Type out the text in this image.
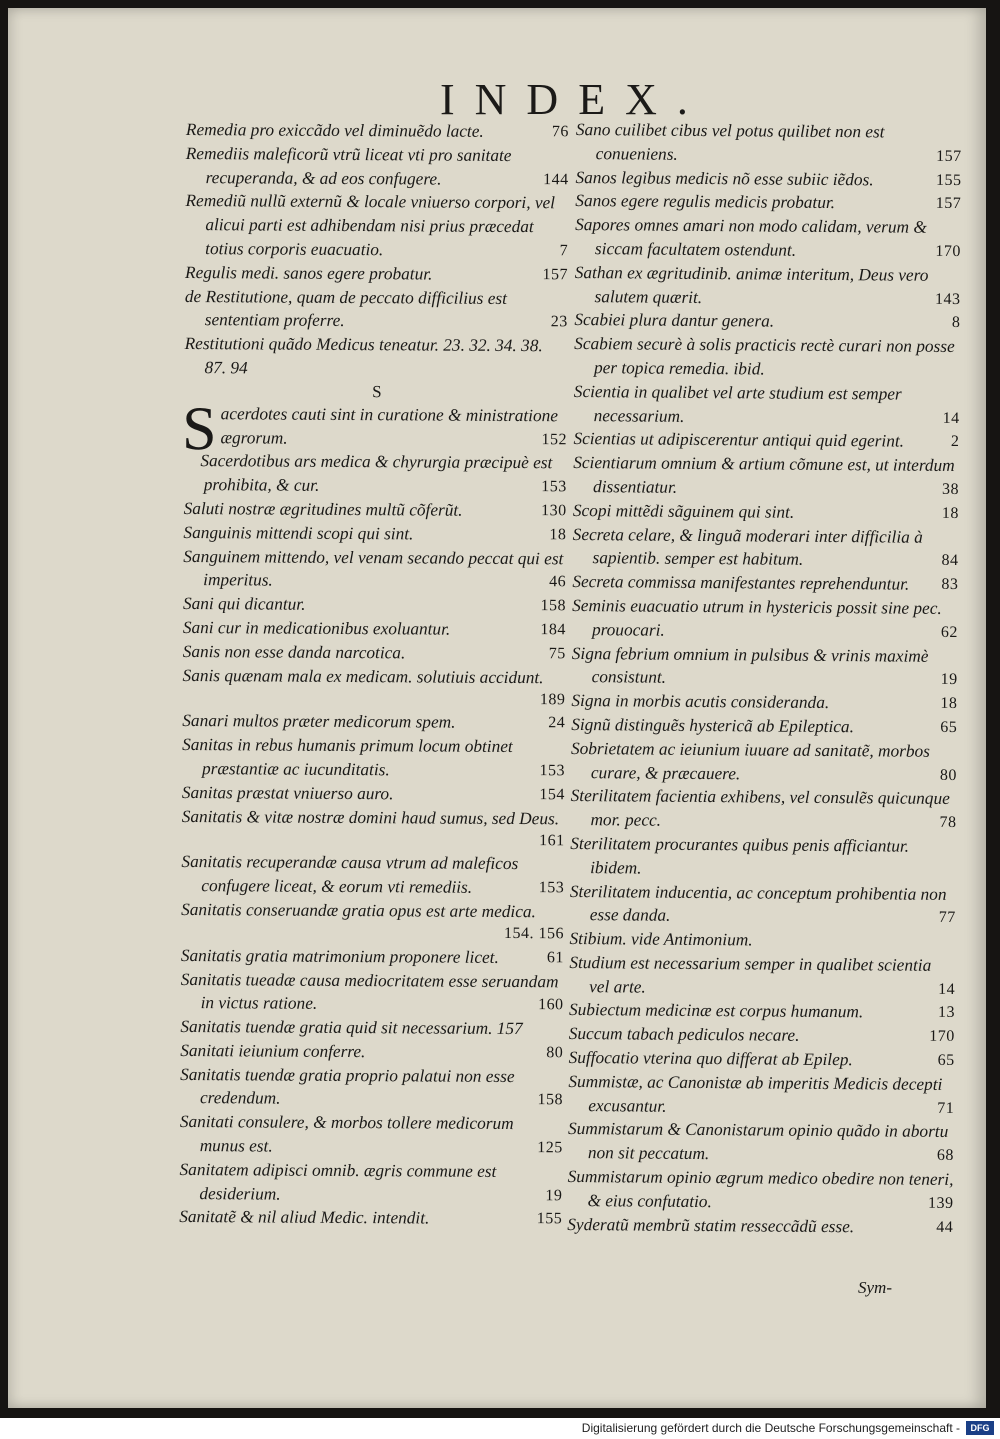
INDEX.

Remedia pro exiccãdo vel diminuẽdo lacte.	76

Remediis maleficorũ vtrũ liceat vti pro sanitate recuperanda, & ad eos confugere.	144

Remediũ nullũ externũ & locale vniuerso corpori, vel alicui parti est adhibendam nisi prius præcedat totius corporis euacuatio.	7

Regulis medi. sanos egere probatur.	157

de Restitutione, quam de peccato difficilius est sententiam proferre.	23

Restitutioni quãdo Medicus teneatur. 23. 32. 34. 38. 87. 94

S

Sacerdotes cauti sint in curatione & ministratione ægrorum.	152

Sacerdotibus ars medica & chyrurgia præcipuè est prohibita, & cur.	153

Saluti nostræ ægritudines multũ cõferũt.	130

Sanguinis mittendi scopi qui sint.	18

Sanguinem mittendo, vel venam secando peccat qui est imperitus.	46

Sani qui dicantur.	158

Sani cur in medicationibus exoluantur.	184

Sanis non esse danda narcotica.	75

Sanis quænam mala ex medicam. solutiuis accidunt.
189

Sanari multos præter medicorum spem.	24

Sanitas in rebus humanis primum locum obtinet præstantiæ ac iucunditatis.	153

Sanitas præstat vniuerso auro.	154

Sanitatis & vitæ nostræ domini haud sumus, sed Deus.
161

Sanitatis recuperandæ causa vtrum ad maleficos confugere liceat, & eorum vti remediis.	153

Sanitatis conseruandæ gratia opus est arte medica.
154. 156

Sanitatis gratia matrimonium proponere licet.	61

Sanitatis tueadæ causa mediocritatem esse seruandam in victus ratione.	160

Sanitatis tuendæ gratia quid sit necessarium. 157

Sanitati ieiunium conferre.	80

Sanitatis tuendæ gratia proprio palatui non esse credendum.	158

Sanitati consulere, & morbos tollere medicorum munus est.	125

Sanitatem adipisci omnib. ægris commune est desiderium.	19

Sanitatẽ & nil aliud Medic. intendit.	155

Sano cuilibet cibus vel potus quilibet non est conueniens.	157

Sanos legibus medicis nõ esse subiic iẽdos.	155

Sanos egere regulis medicis probatur.	157

Sapores omnes amari non modo calidam, verum & siccam facultatem ostendunt.	170

Sathan ex ægritudinib. animæ interitum, Deus vero salutem quærit.	143

Scabiei plura dantur genera.	8

Scabiem securè à solis practicis rectè curari non posse per topica remedia. ibid.

Scientia in qualibet vel arte studium est semper necessarium.	14

Scientias ut adipiscerentur antiqui quid egerint.	2

Scientiarum omnium & artium cõmune est, ut interdum dissentiatur.	38

Scopi mittẽdi sãguinem qui sint.	18

Secreta celare, & linguã moderari inter difficilia à sapientib. semper est habitum.	84

Secreta commissa manifestantes reprehenduntur.	83

Seminis euacuatio utrum in hystericis possit sine pec. prouocari.	62

Signa febrium omnium in pulsibus & vrinis maximè consistunt.	19

Signa in morbis acutis consideranda.	18

Signũ distinguẽs hystericã ab Epileptica.	65

Sobrietatem ac ieiunium iuuare ad sanitatẽ, morbos curare, & præcauere.	80

Sterilitatem facientia exhibens, vel consulẽs quicunque mor. pecc.	78

Sterilitatem procurantes quibus penis afficiantur. ibidem.

Sterilitatem inducentia, ac conceptum prohibentia non esse danda.	77

Stibium. vide Antimonium.

Studium est necessarium semper in qualibet scientia vel arte.	14

Subiectum medicinæ est corpus humanum.	13

Succum tabach pediculos necare.	170

Suffocatio vterina quo differat ab Epilep.	65

Summistæ, ac Canonistæ ab imperitis Medicis decepti excusantur.	71

Summistarum & Canonistarum opinio quãdo in abortu non sit peccatum.	68

Summistarum opinio ægrum medico obedire non teneri, & eius confutatio.	139

Syderatũ membrũ statim resseccãdũ esse.	44

Sym-
Digitalisierung gefördert durch die Deutsche Forschungsgemeinschaft -	DFG
